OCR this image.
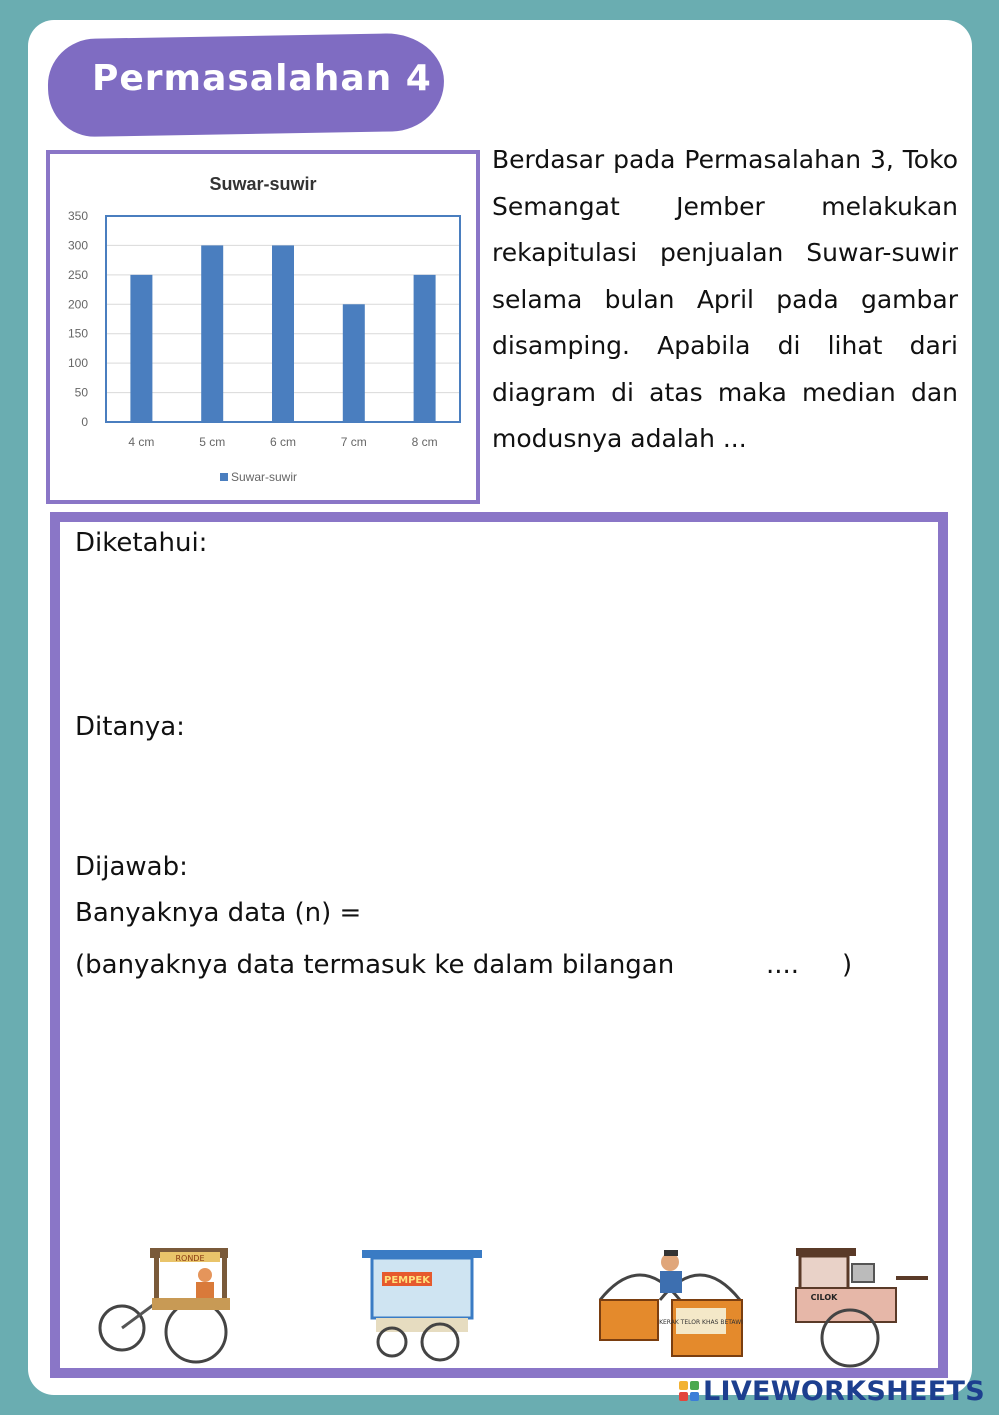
Permasalahan 4
Suwar-suwir
0
50
100
150
200
250
300
350
4 cm	5 cm	6 cm	7 cm	8 cm
Suwar-suwir
Berdasar pada Permasalahan 3, Toko Semangat Jember melakukan rekapitulasi penjualan Suwar-suwir selama bulan April pada gambar disamping. Apabila di lihat dari diagram di atas maka median dan modusnya adalah ...
Diketahui:
Ditanya:
Dijawab:
Banyaknya data (n) =
(banyaknya data termasuk ke dalam bilangan	.... )
RONDE
PEMPEK
KERAK TELOR KHAS BETAWI
CILOK
LIVEWORKSHEETS
